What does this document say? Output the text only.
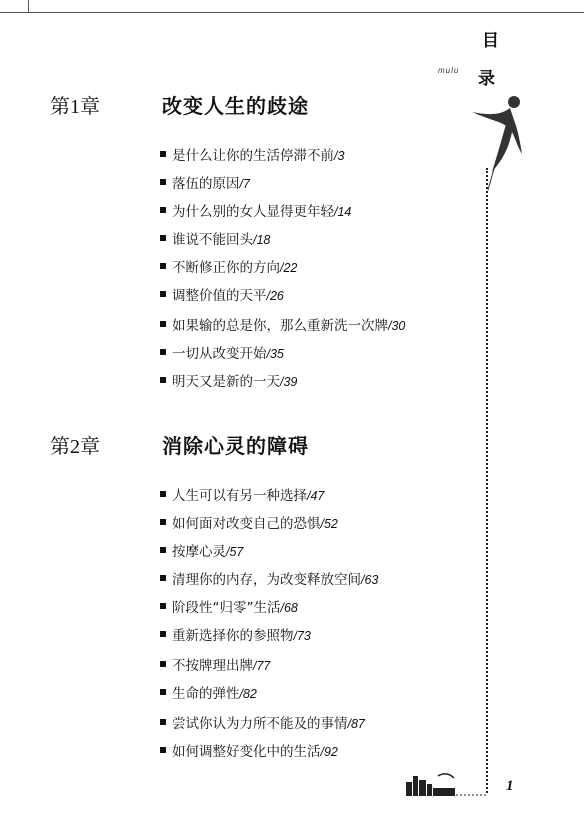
目
录
mulu
第1章	改变人生的歧途
是什么让你的生活停滞不前/3
落伍的原因/7
为什么别的女人显得更年轻/14
谁说不能回头/18
不断修正你的方向/22
调整价值的天平/26
如果输的总是你，那么重新洗一次牌/30
一切从改变开始/35
明天又是新的一天/39
第2章	消除心灵的障碍
人生可以有另一种选择/47
如何面对改变自己的恐惧/52
按摩心灵/57
清理你的内存，为改变释放空间/63
阶段性“归零”生活/68
重新选择你的参照物/73
不按牌理出牌/77
生命的弹性/82
尝试你认为力所不能及的事情/87
如何调整好变化中的生活/92
1
